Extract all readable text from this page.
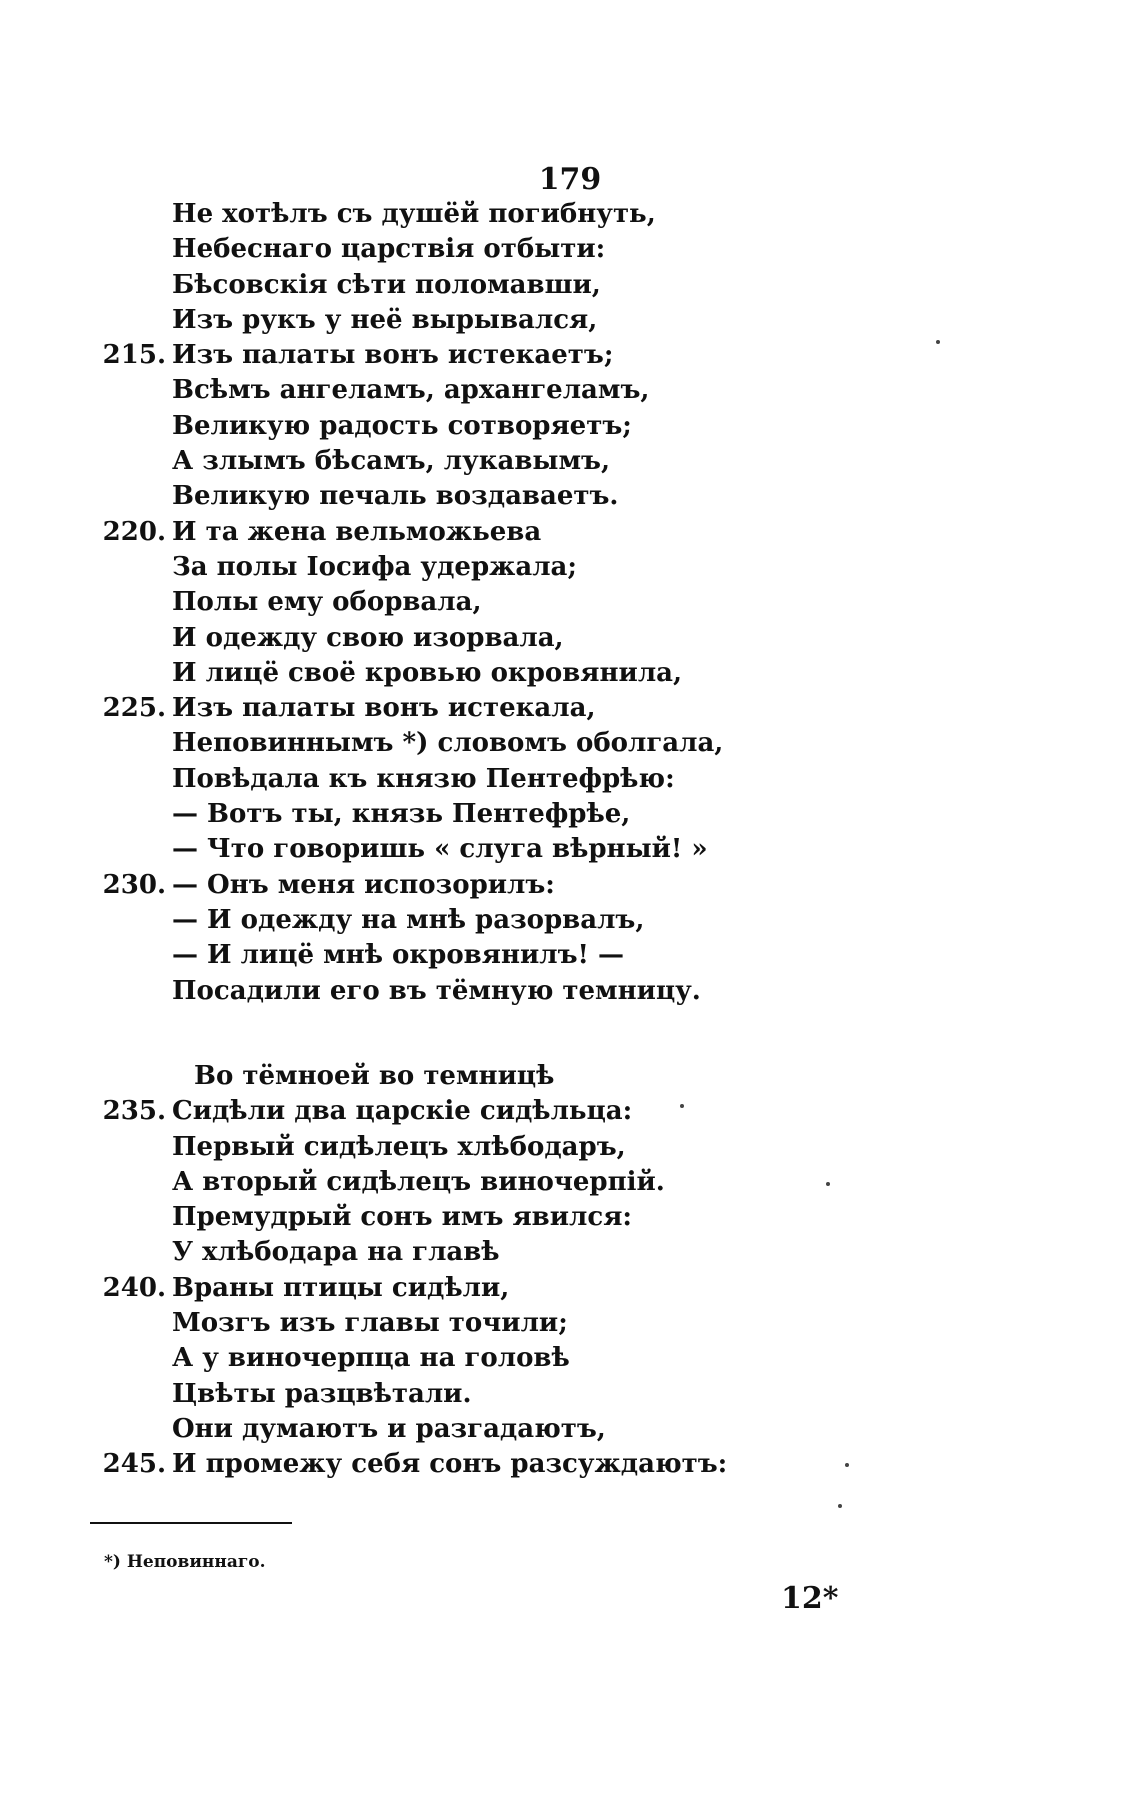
179
Не хотѣлъ съ душёй погибнуть,
Небеснаго царствія отбыти:
Бѣсовскія сѣти поломавши,
Изъ рукъ у неё вырывался,
215. Изъ палаты вонъ истекаетъ;
Всѣмъ ангеламъ, архангеламъ,
Великую радость сотворяетъ;
А злымъ бѣсамъ, лукавымъ,
Великую печаль воздаваетъ.
220. И та жена вельможьева
За полы Іосифа удержала;
Полы ему оборвала,
И одежду свою изорвала,
И лицё своё кровью окровянила,
225. Изъ палаты вонъ истекала,
Неповиннымъ *) словомъ оболгала,
Повѣдала къ князю Пентефрѣю:
— Вотъ ты, князь Пентефрѣе,
— Что говоришь « слуга вѣрный! »
230. — Онъ меня испозорилъ:
— И одежду на мнѣ разорвалъ,
— И лицё мнѣ окровянилъ! —
Посадили его въ тёмную темницу.
Во тёмноей во темницѣ
235. Сидѣли два царскіе сидѣльца:
Первый сидѣлецъ хлѣбодаръ,
А вторый сидѣлецъ виночерпій.
Премудрый сонъ имъ явился:
У хлѣбодара на главѣ
240. Враны птицы сидѣли,
Мозгъ изъ главы точили;
А у виночерпца на головѣ
Цвѣты разцвѣтали.
Они думаютъ и разгадаютъ,
245. И промежу себя сонъ разсуждаютъ:
*) Неповиннаго.
12*
